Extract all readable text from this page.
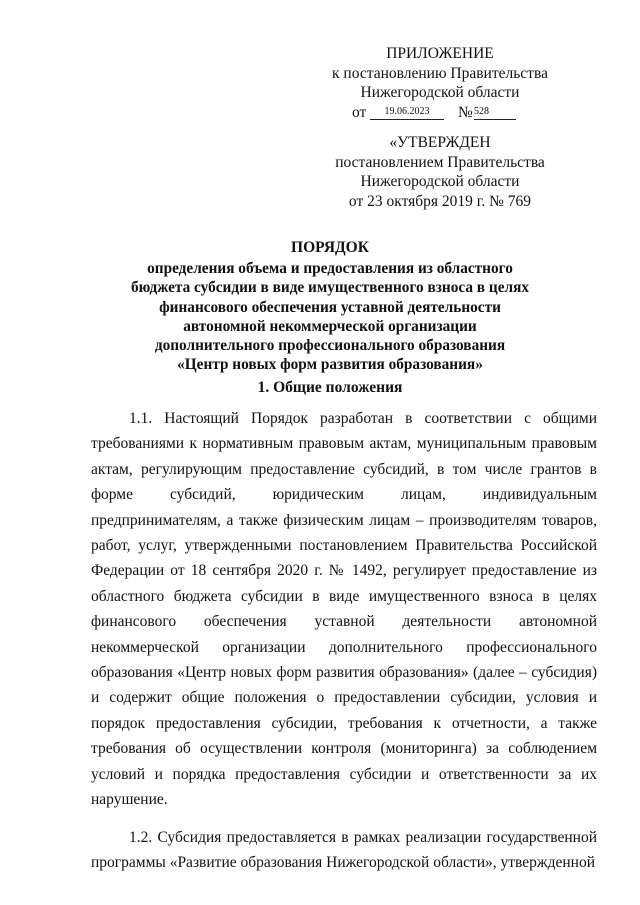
ПРИЛОЖЕНИЕ
к постановлению Правительства
Нижегородской области
от	19.06.2023	№ 528
«УТВЕРЖДЕН
постановлением Правительства
Нижегородской области
от 23 октября 2019 г. № 769
ПОРЯДОК
определения объема и предоставления из областного
бюджета субсидии в виде имущественного взноса в целях
финансового обеспечения уставной деятельности
автономной некоммерческой организации
дополнительного профессионального образования
«Центр новых форм развития образования»
1. Общие положения

1.1. Настоящий Порядок разработан в соответствии с общими требованиями к нормативным правовым актам, муниципальным правовым актам, регулирующим предоставление субсидий, в том числе грантов в форме субсидий, юридическим лицам, индивидуальным предпринимателям, а также физическим лицам – производителям товаров, работ, услуг, утвержденными постановлением Правительства Российской Федерации от 18 сентября 2020 г. № 1492, регулирует предоставление из областного бюджета субсидии в виде имущественного взноса в целях финансового обеспечения уставной деятельности автономной некоммерческой организации дополнительного профессионального образования «Центр новых форм развития образования» (далее – субсидия) и содержит общие положения о предоставлении субсидии, условия и порядок предоставления субсидии, требования к отчетности, а также требования об осуществлении контроля (мониторинга) за соблюдением условий и порядка предоставления субсидии и ответственности за их нарушение.

1.2. Субсидия предоставляется в рамках реализации государственной программы «Развитие образования Нижегородской области», утвержденной
